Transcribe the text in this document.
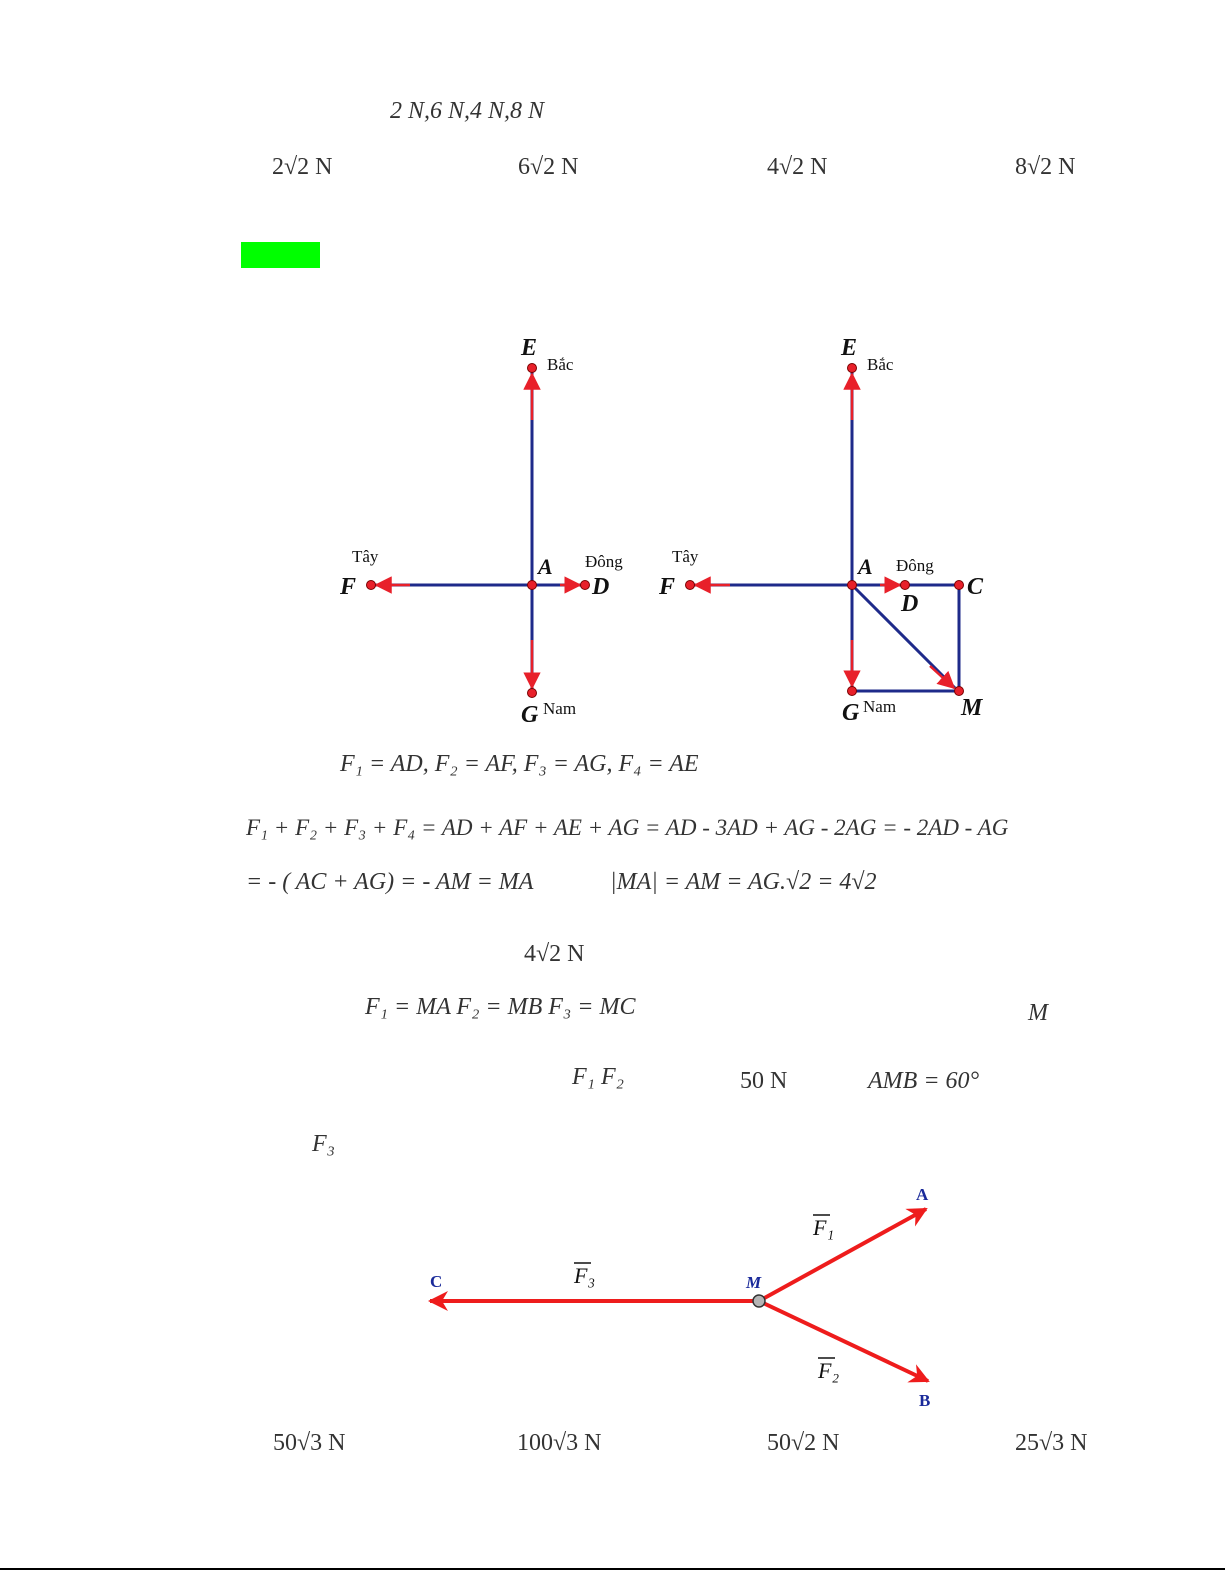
2 N,6 N,4 N,8 N
2√2 N	6√2 N	4√2 N	8√2 N
E
Bắc
Tây
F
A Đông
D
G Nam
E
Bắc
Tây
F
A Đông
D
C
G Nam	M
C	M
A
B
F₁
F₃
F₂
F₁ = AD, F₂ = AF, F₃ = AG, F₄ = AE
F₁ + F₂ + F₃ + F₄ = AD + AF + AE + AG = AD - 3AD + AG - 2AG = - 2AD - AG
= - ( AC + AG) = - AM = MA	|MA| = AM = AG.√2 = 4√2
4√2 N
F₁ = MA F₂ = MB F₃ = MC	M
F₁ F₂	50 N	AMB = 60°
F₃
50√3 N	100√3 N	50√2 N	25√3 N
